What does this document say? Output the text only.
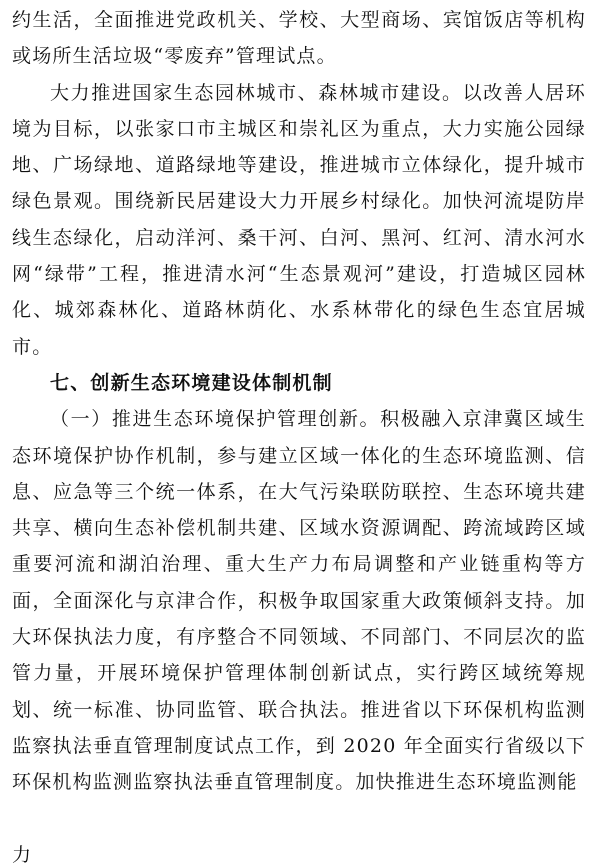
约生活，全面推进党政机关、学校、大型商场、宾馆饭店等机构或场所生活垃圾“零废弃”管理试点。

大力推进国家生态园林城市、森林城市建设。以改善人居环境为目标，以张家口市主城区和崇礼区为重点，大力实施公园绿地、广场绿地、道路绿地等建设，推进城市立体绿化，提升城市绿色景观。围绕新民居建设大力开展乡村绿化。加快河流堤防岸线生态绿化，启动洋河、桑干河、白河、黑河、红河、清水河水网“绿带”工程，推进清水河“生态景观河”建设，打造城区园林化、城郊森林化、道路林荫化、水系林带化的绿色生态宜居城市。

七、创新生态环境建设体制机制

（一）推进生态环境保护管理创新。积极融入京津冀区域生态环境保护协作机制，参与建立区域一体化的生态环境监测、信息、应急等三个统一体系，在大气污染联防联控、生态环境共建共享、横向生态补偿机制共建、区域水资源调配、跨流域跨区域重要河流和湖泊治理、重大生产力布局调整和产业链重构等方面，全面深化与京津合作，积极争取国家重大政策倾斜支持。加大环保执法力度，有序整合不同领域、不同部门、不同层次的监管力量，开展环境保护管理体制创新试点，实行跨区域统筹规划、统一标准、协同监管、联合执法。推进省以下环保机构监测监察执法垂直管理制度试点工作，到 2020 年全面实行省级以下环保机构监测监察执法垂直管理制度。加快推进生态环境监测能

力
